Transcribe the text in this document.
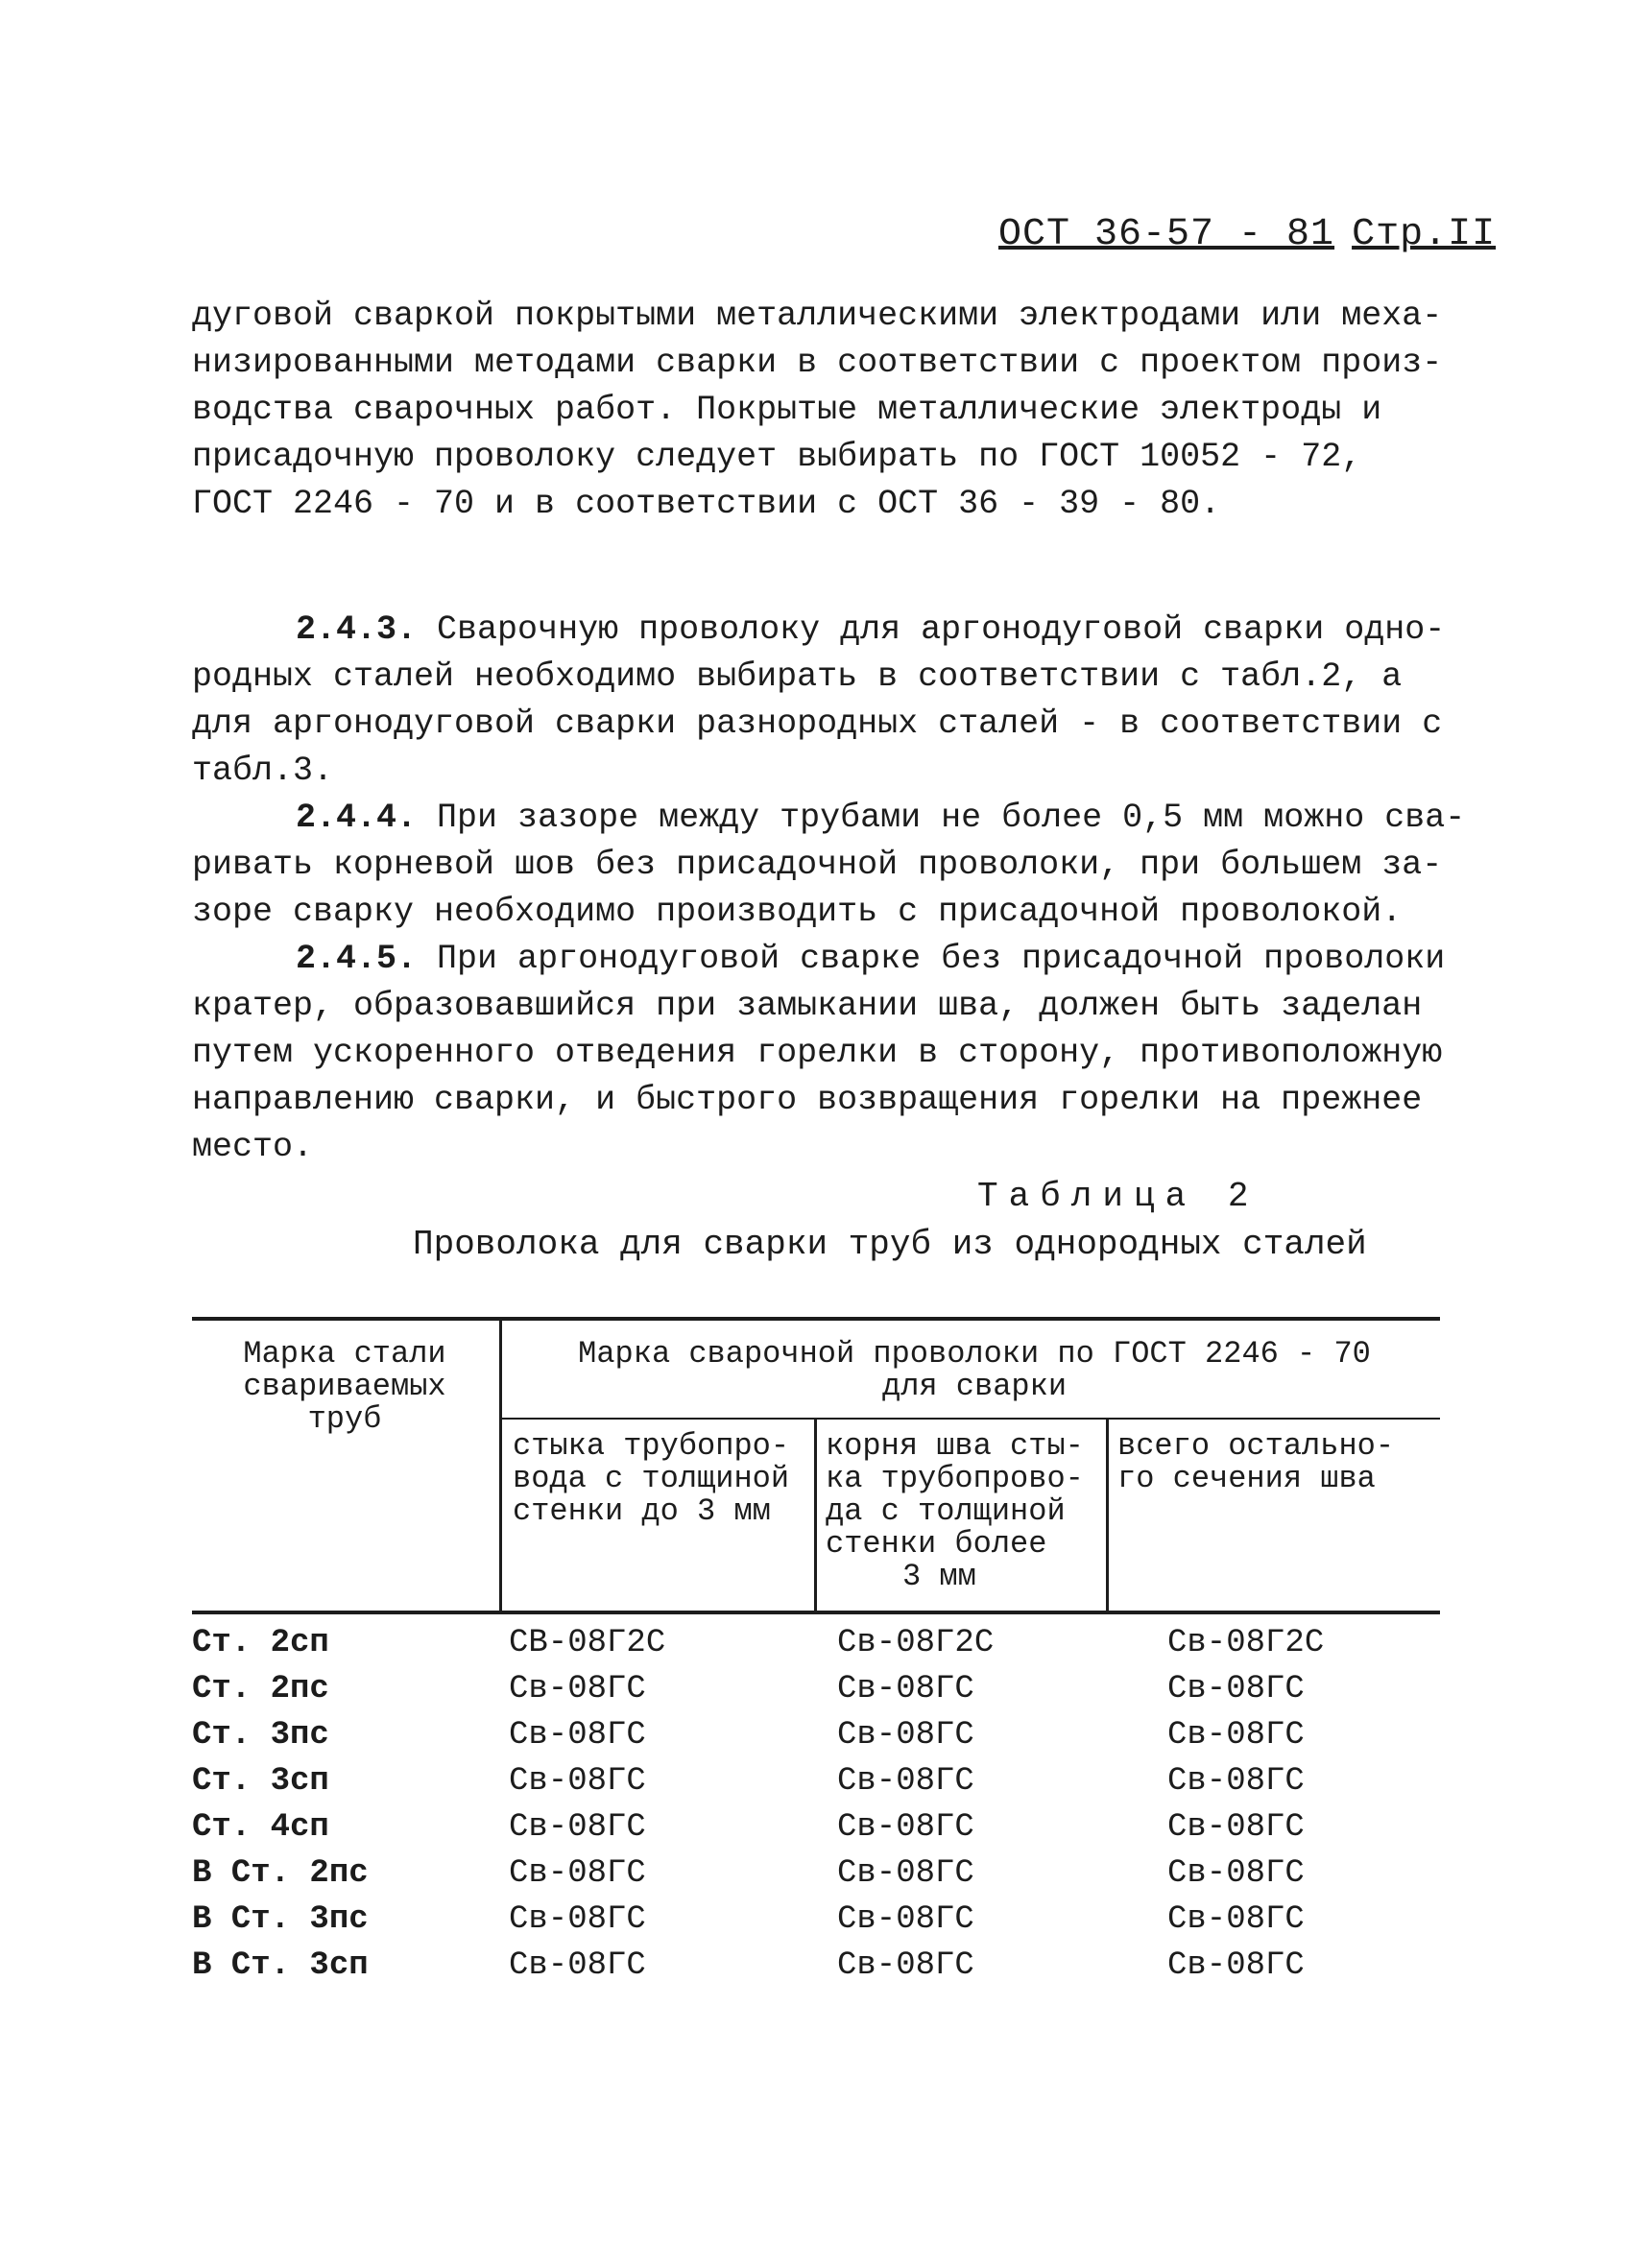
ОСТ 36-57 - 81 Стр.II
дуговой сваркой покрытыми металлическими электродами или меха-
низированными методами сварки в соответствии с проектом произ-
водства сварочных работ. Покрытые металлические электроды и
присадочную проволоку следует выбирать по ГОСТ 10052 - 72,
ГОСТ 2246 - 70 и в соответствии с ОСТ 36 - 39 - 80.
2.4.3. Сварочную проволоку для аргонодуговой сварки одно-
родных сталей необходимо выбирать в соответствии с табл.2, а
для аргонодуговой сварки разнородных сталей - в соответствии с
табл.3.
2.4.4. При зазоре между трубами не более 0,5 мм можно сва-
ривать корневой шов без присадочной проволоки, при большем за-
зоре сварку необходимо производить с присадочной проволокой.
2.4.5. При аргонодуговой сварке без присадочной проволоки
кратер, образовавшийся при замыкании шва, должен быть заделан
путем ускоренного отведения горелки в сторону, противоположную
направлению сварки, и быстрого возвращения горелки на прежнее
место.
Таблица 2
Проволока для сварки труб из однородных сталей
Марка стали
свариваемых
труб
Марка сварочной проволоки по ГОСТ 2246 - 70
для сварки
стыка трубопро-
вода с толщиной
стенки до 3 мм
корня шва сты-
ка трубопрово-
да с толщиной
стенки более
3 мм
всего остально-
го сечения шва
Ст. 2сп	СВ-08Г2С	Св-08Г2С	Св-08Г2С
Ст. 2пс	Св-08ГС	Св-08ГС	Св-08ГС
Ст. 3пс	Св-08ГС	Св-08ГС	Св-08ГС
Ст. 3сп	Св-08ГС	Св-08ГС	Св-08ГС
Ст. 4сп	Св-08ГС	Св-08ГС	Св-08ГС
В Ст. 2пс	Св-08ГС	Св-08ГС	Св-08ГС
В Ст. 3пс	Св-08ГС	Св-08ГС	Св-08ГС
В Ст. 3сп	Св-08ГС	Св-08ГС	Св-08ГС
